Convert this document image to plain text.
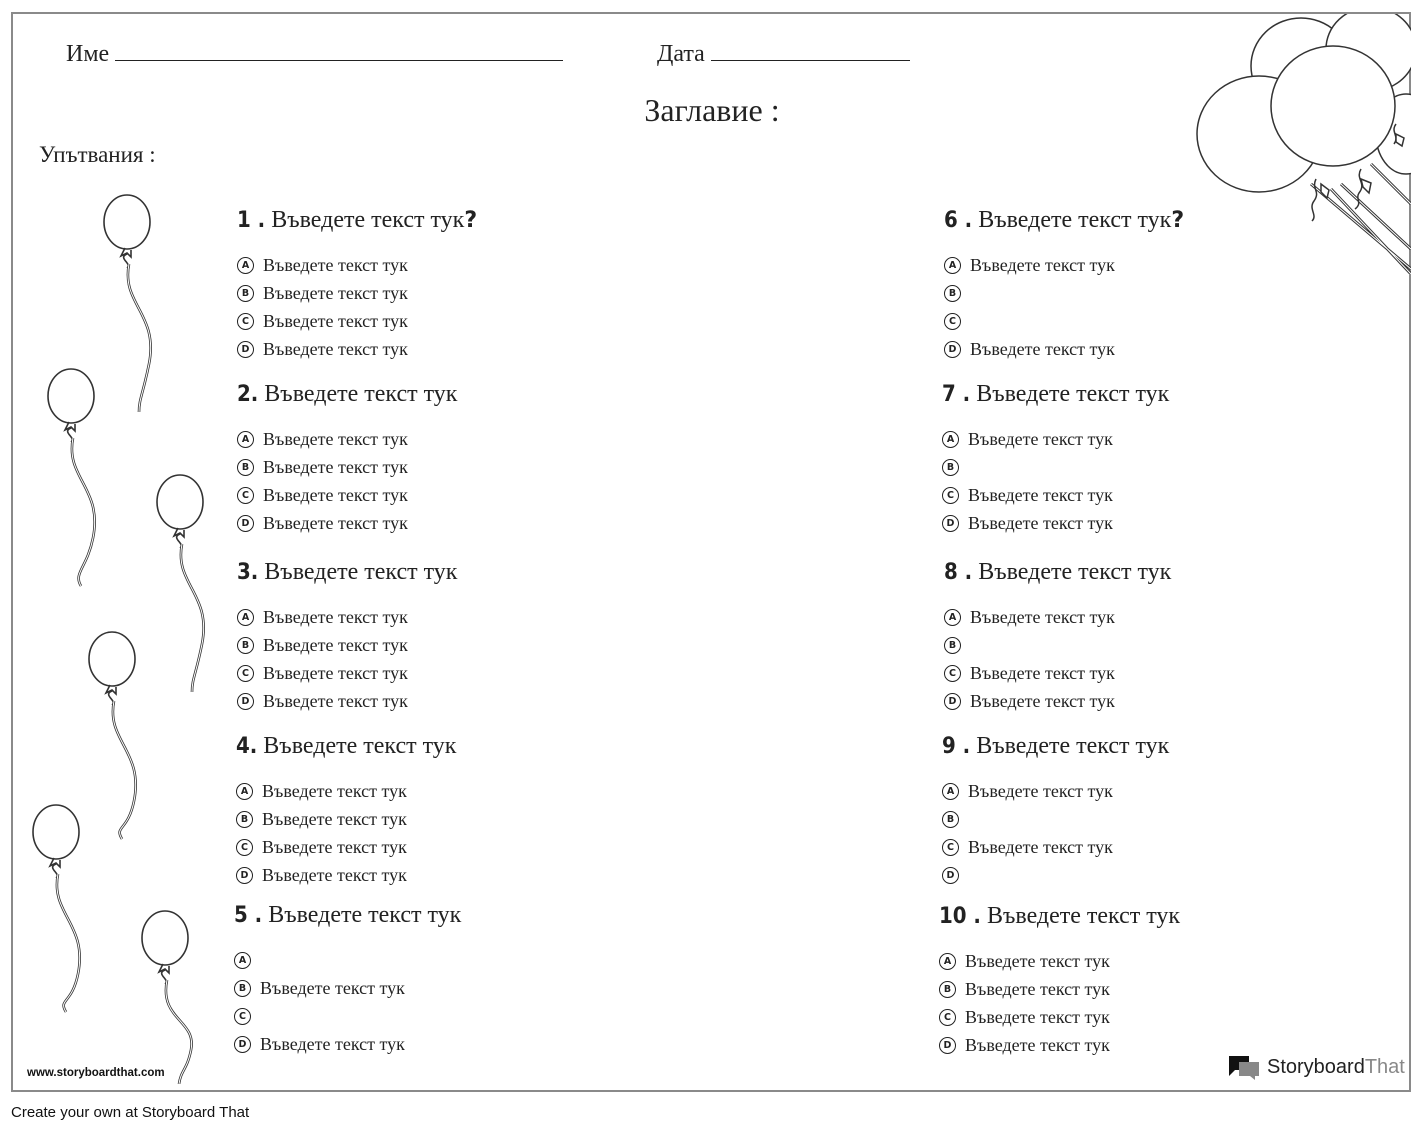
Име	Дата
Заглавие :
Упътвания :
1 . Въведете текст тук?
A Въведете текст тук
B Въведете текст тук
C Въведете текст тук
D Въведете текст тук
2. Въведете текст тук
A Въведете текст тук
B Въведете текст тук
C Въведете текст тук
D Въведете текст тук
3. Въведете текст тук
A Въведете текст тук
B Въведете текст тук
C Въведете текст тук
D Въведете текст тук
4. Въведете текст тук
A Въведете текст тук
B Въведете текст тук
C Въведете текст тук
D Въведете текст тук
5 . Въведете текст тук
A
B Въведете текст тук
C
D Въведете текст тук
6 . Въведете текст тук?
A Въведете текст тук
B
C
D Въведете текст тук
7 . Въведете текст тук
A Въведете текст тук
B
C Въведете текст тук
D Въведете текст тук
8 . Въведете текст тук
A Въведете текст тук
B
C Въведете текст тук
D Въведете текст тук
9 . Въведете текст тук
A Въведете текст тук
B
C Въведете текст тук
D
10 . Въведете текст тук
A Въведете текст тук
B Въведете текст тук
C Въведете текст тук
D Въведете текст тук
www.storyboardthat.com	StoryboardThat
Create your own at Storyboard That
